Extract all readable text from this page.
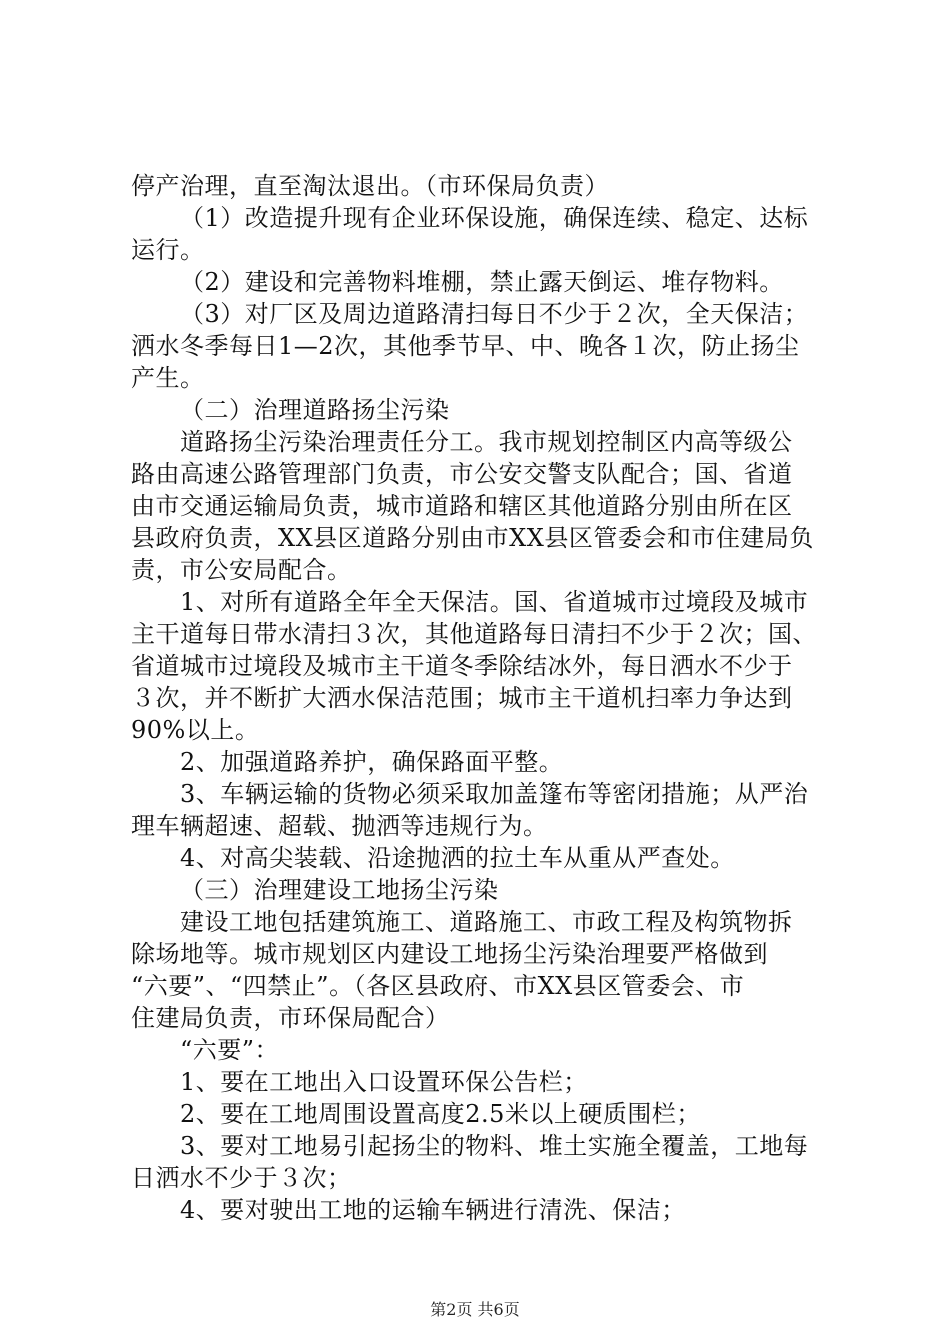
停产治理，直至淘汰退出。（市环保局负责）
（1）改造提升现有企业环保设施，确保连续、稳定、达标
运行。
（2）建设和完善物料堆棚，禁止露天倒运、堆存物料。
（3）对厂区及周边道路清扫每日不少于２次，全天保洁；
洒水冬季每日1—2次，其他季节早、中、晚各１次，防止扬尘
产生。
（二）治理道路扬尘污染
道路扬尘污染治理责任分工。我市规划控制区内高等级公
路由高速公路管理部门负责，市公安交警支队配合；国、省道
由市交通运输局负责，城市道路和辖区其他道路分别由所在区
县政府负责，XX县区道路分别由市XX县区管委会和市住建局负
责，市公安局配合。
1、对所有道路全年全天保洁。国、省道城市过境段及城市
主干道每日带水清扫３次，其他道路每日清扫不少于２次；国、
省道城市过境段及城市主干道冬季除结冰外，每日洒水不少于
３次，并不断扩大洒水保洁范围；城市主干道机扫率力争达到
90%以上。
2、加强道路养护，确保路面平整。
3、车辆运输的货物必须采取加盖篷布等密闭措施；从严治
理车辆超速、超载、抛洒等违规行为。
4、对高尖装载、沿途抛洒的拉土车从重从严查处。
（三）治理建设工地扬尘污染
建设工地包括建筑施工、道路施工、市政工程及构筑物拆
除场地等。城市规划区内建设工地扬尘污染治理要严格做到
“六要”、“四禁止”。（各区县政府、市XX县区管委会、市
住建局负责，市环保局配合）
“六要”：
1、要在工地出入口设置环保公告栏；
2、要在工地周围设置高度2.5米以上硬质围栏；
3、要对工地易引起扬尘的物料、堆土实施全覆盖，工地每
日洒水不少于３次；
4、要对驶出工地的运输车辆进行清洗、保洁；
第2页 共6页
